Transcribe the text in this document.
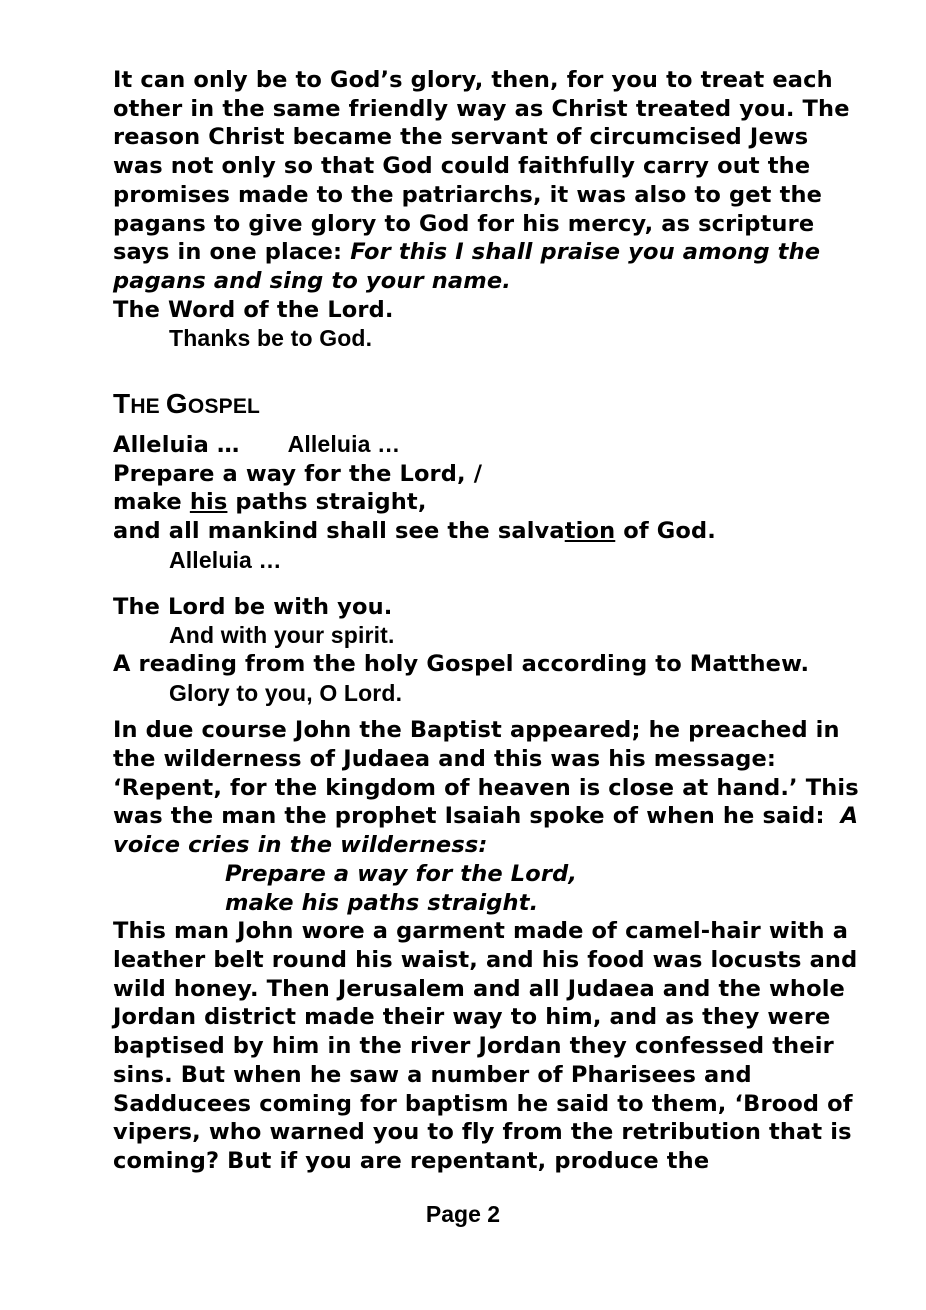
It can only be to God’s glory, then, for you to treat each
other in the same friendly way as Christ treated you. The
reason Christ became the servant of circumcised Jews
was not only so that God could faithfully carry out the
promises made to the patriarchs, it was also to get the
pagans to give glory to God for his mercy, as scripture
says in one place: For this I shall praise you among the
pagans and sing to your name.
The Word of the Lord.
Thanks be to God.
THE GOSPEL
Alleluia … Alleluia …
Prepare a way for the Lord, /
make his paths straight,
and all mankind shall see the salvation of God.
Alleluia …
The Lord be with you.
And with your spirit.
A reading from the holy Gospel according to Matthew.
Glory to you, O Lord.
In due course John the Baptist appeared; he preached in
the wilderness of Judaea and this was his message:
‘Repent, for the kingdom of heaven is close at hand.’ This
was the man the prophet Isaiah spoke of when he said:  A
voice cries in the wilderness:
Prepare a way for the Lord,
make his paths straight.
This man John wore a garment made of camel-hair with a
leather belt round his waist, and his food was locusts and
wild honey. Then Jerusalem and all Judaea and the whole
Jordan district made their way to him, and as they were
baptised by him in the river Jordan they confessed their
sins. But when he saw a number of Pharisees and
Sadducees coming for baptism he said to them, ‘Brood of
vipers, who warned you to fly from the retribution that is
coming? But if you are repentant, produce the
Page 2
